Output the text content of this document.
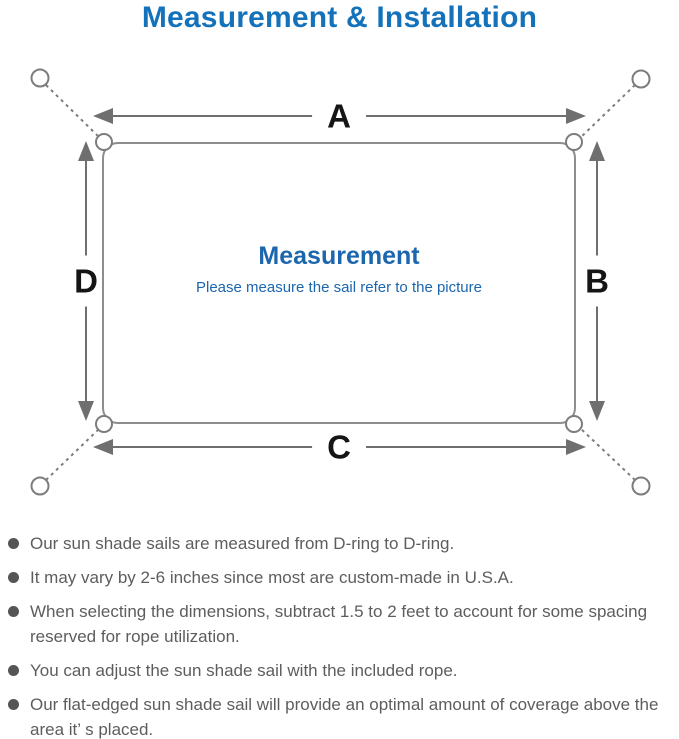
Measurement & Installation
A
B
C
D
Measurement
Please measure the sail refer to the picture
Our sun shade sails are measured from D-ring to D-ring.
It may vary by 2-6 inches since most are custom-made in U.S.A.
When selecting the dimensions, subtract 1.5 to 2 feet to account for some spacing reserved for rope utilization.
You can adjust the sun shade sail with the included rope.
Our flat-edged sun shade sail will provide an optimal amount of coverage above the area it’ s placed.
